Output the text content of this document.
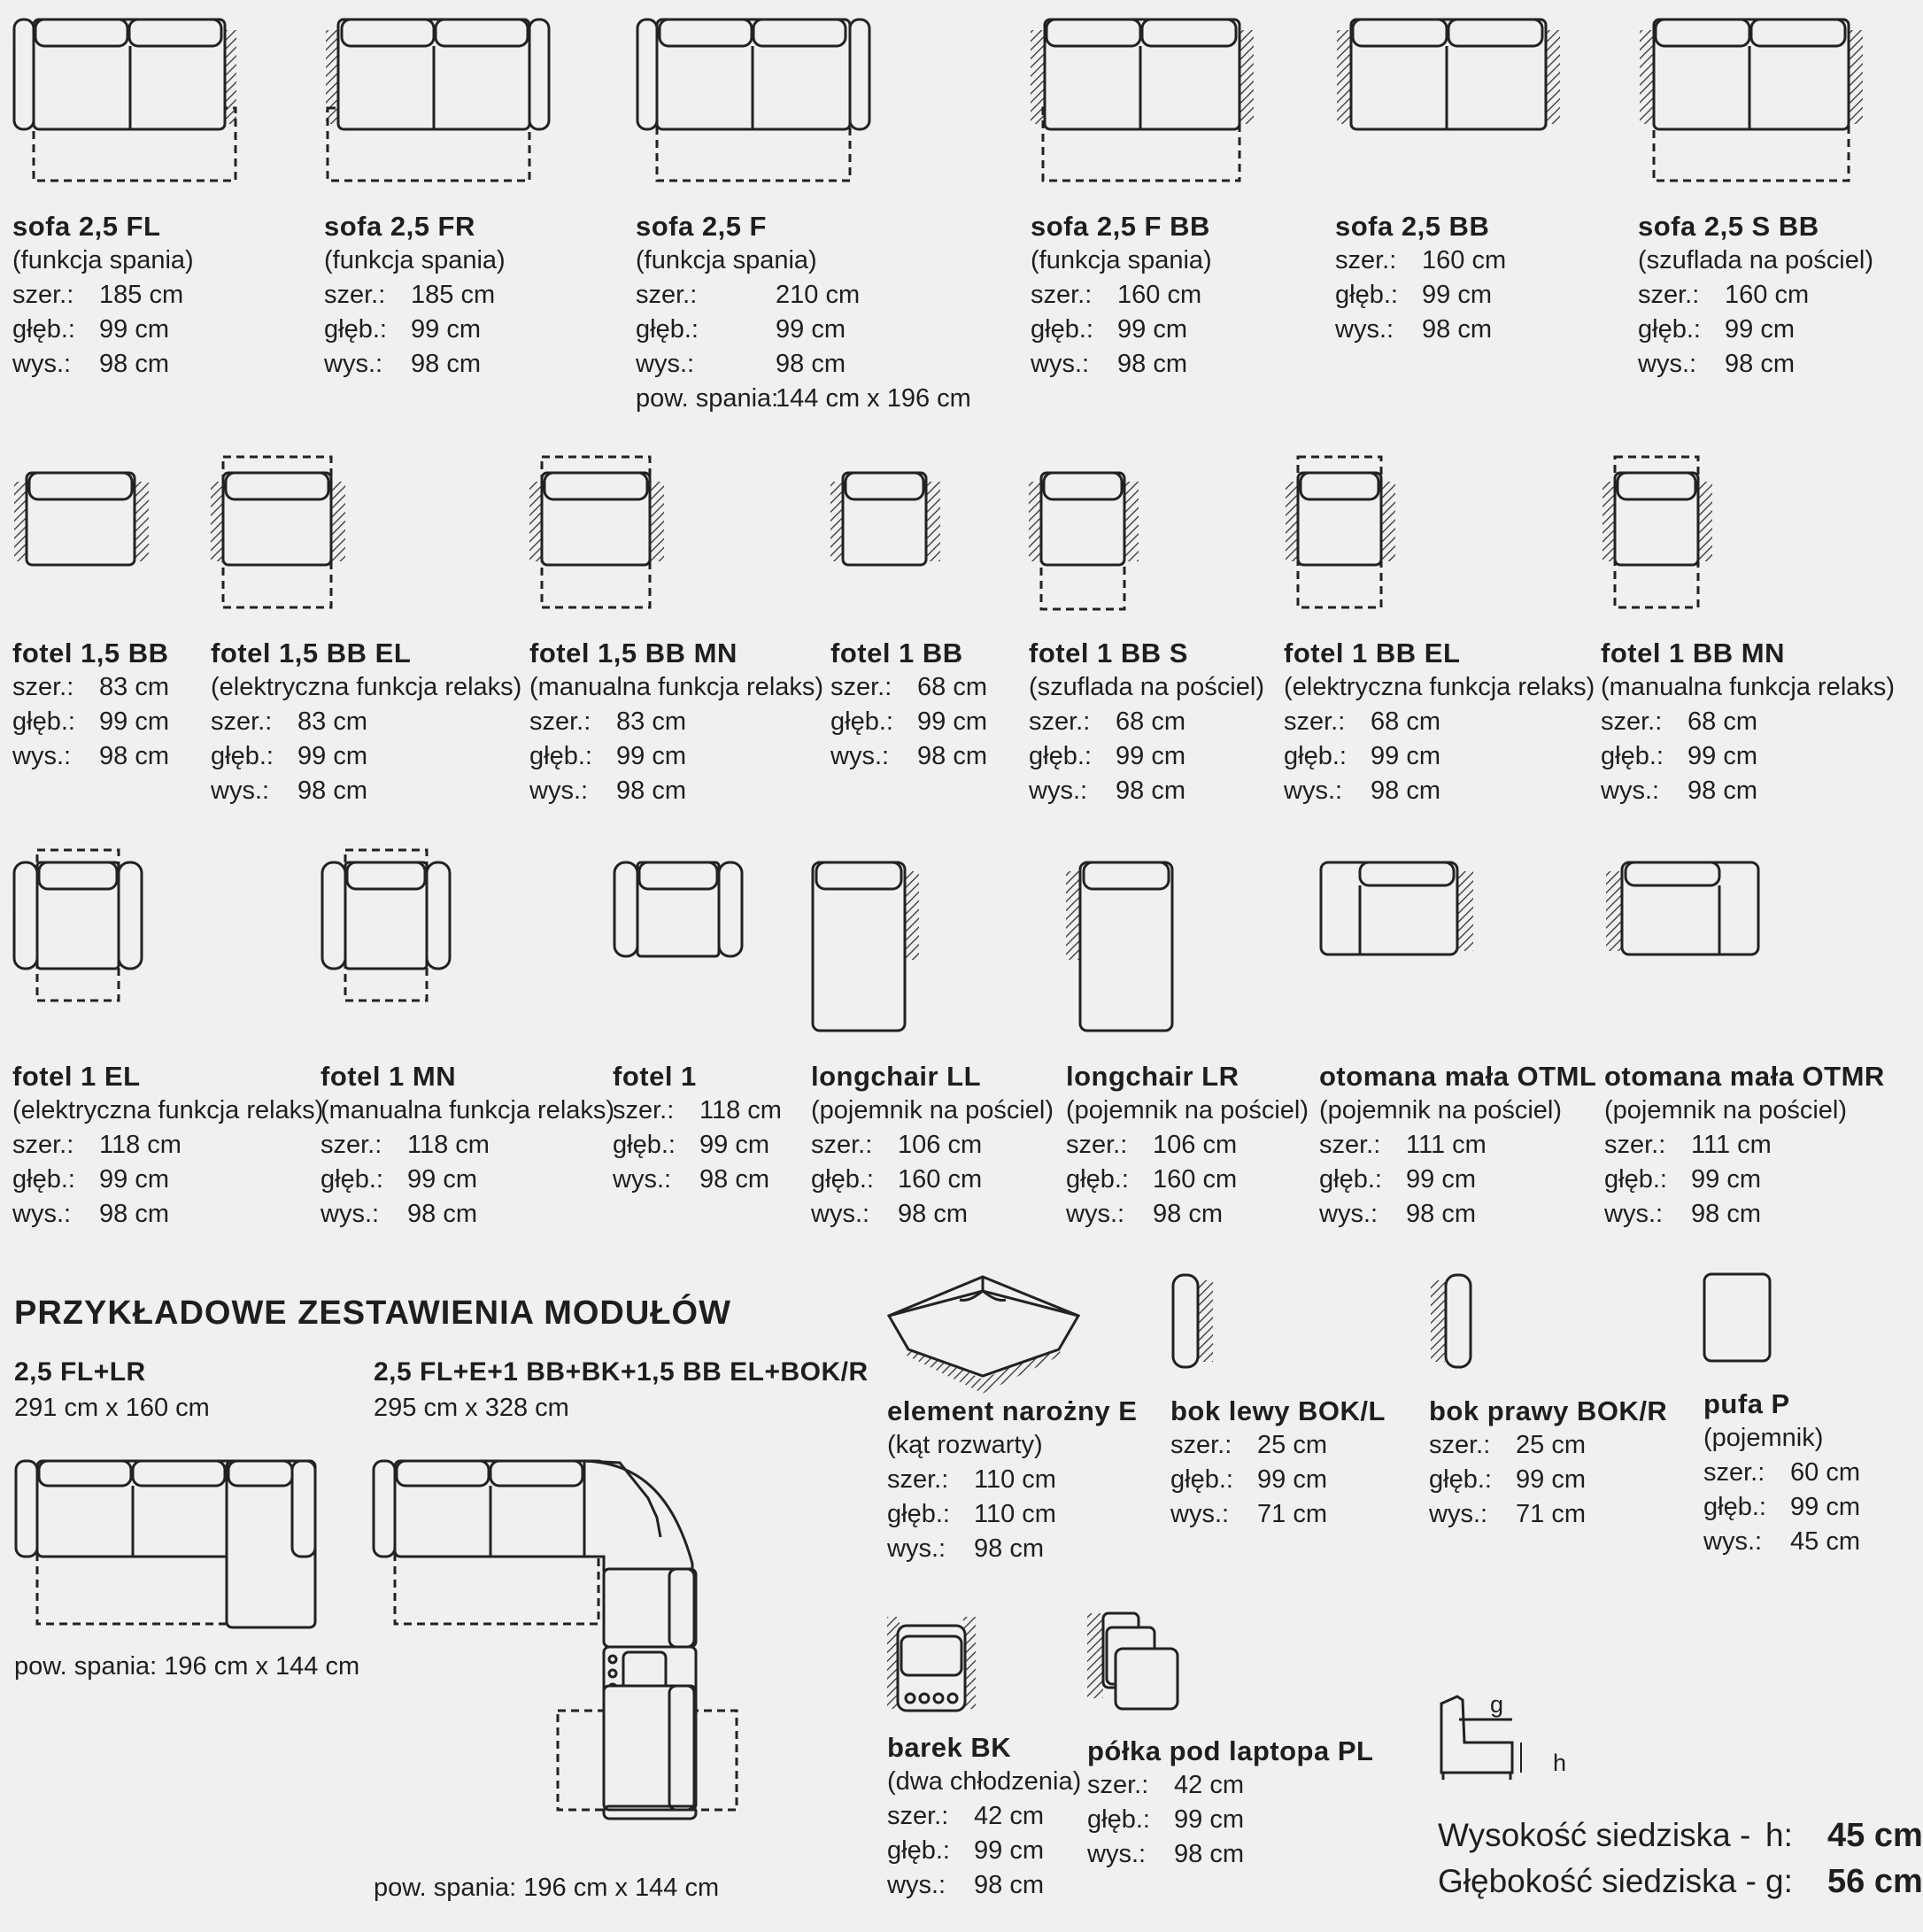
g
h
sofa 2,5 FL
(funkcja spania)
szer.: 185 cm
głęb.: 99 cm
wys.: 98 cm
sofa 2,5 FR
(funkcja spania)
szer.: 185 cm
głęb.: 99 cm
wys.: 98 cm
sofa 2,5 F
(funkcja spania)
szer.:	210 cm
głęb.:	99 cm
wys.:	98 cm
pow. spania:144 cm x 196 cm
sofa 2,5 F BB
(funkcja spania)
szer.: 160 cm
głęb.: 99 cm
wys.: 98 cm
sofa 2,5 BB
szer.: 160 cm
głęb.: 99 cm
wys.: 98 cm
sofa 2,5 S BB
(szuflada na pościel)
szer.: 160 cm
głęb.: 99 cm
wys.: 98 cm
fotel 1,5 BB
szer.: 83 cm
głęb.: 99 cm
wys.: 98 cm
fotel 1,5 BB EL
(elektryczna funkcja relaks)
szer.: 83 cm
głęb.: 99 cm
wys.: 98 cm
fotel 1,5 BB MN
(manualna funkcja relaks)
szer.: 83 cm
głęb.: 99 cm
wys.: 98 cm
fotel 1 BB
szer.: 68 cm
głęb.: 99 cm
wys.: 98 cm
fotel 1 BB S
(szuflada na pościel)
szer.: 68 cm
głęb.: 99 cm
wys.: 98 cm
fotel 1 BB EL
(elektryczna funkcja relaks)
szer.: 68 cm
głęb.: 99 cm
wys.: 98 cm
fotel 1 BB MN
(manualna funkcja relaks)
szer.: 68 cm
głęb.: 99 cm
wys.: 98 cm
fotel 1 EL
(elektryczna funkcja relaks)
szer.: 118 cm
głęb.: 99 cm
wys.: 98 cm
fotel 1 MN
(manualna funkcja relaks)
szer.: 118 cm
głęb.: 99 cm
wys.: 98 cm
fotel 1
szer.: 118 cm
głęb.: 99 cm
wys.: 98 cm
longchair LL
(pojemnik na pościel)
szer.: 106 cm
głęb.: 160 cm
wys.: 98 cm
longchair LR
(pojemnik na pościel)
szer.: 106 cm
głęb.: 160 cm
wys.: 98 cm
otomana mała OTML
(pojemnik na pościel)
szer.: 111 cm
głęb.: 99 cm
wys.: 98 cm
otomana mała OTMR
(pojemnik na pościel)
szer.: 111 cm
głęb.: 99 cm
wys.: 98 cm
element narożny E
(kąt rozwarty)
szer.: 110 cm
głęb.: 110 cm
wys.: 98 cm
bok lewy BOK/L
szer.: 25 cm
głęb.: 99 cm
wys.: 71 cm
bok prawy BOK/R
szer.: 25 cm
głęb.: 99 cm
wys.: 71 cm
pufa P
(pojemnik)
szer.: 60 cm
głęb.: 99 cm
wys.: 45 cm
barek BK
(dwa chłodzenia)
szer.: 42 cm
głęb.: 99 cm
wys.: 98 cm
półka pod laptopa PL
szer.: 42 cm
głęb.: 99 cm
wys.: 98 cm
PRZYKŁADOWE ZESTAWIENIA MODUŁÓW
2,5 FL+LR
291 cm x 160 cm
pow. spania: 196 cm x 144 cm
2,5 FL+E+1 BB+BK+1,5 BB EL+BOK/R
295 cm x 328 cm
pow. spania: 196 cm x 144 cm
Wysokość siedziska - h: 45 cm
Głębokość siedziska - g: 56 cm
